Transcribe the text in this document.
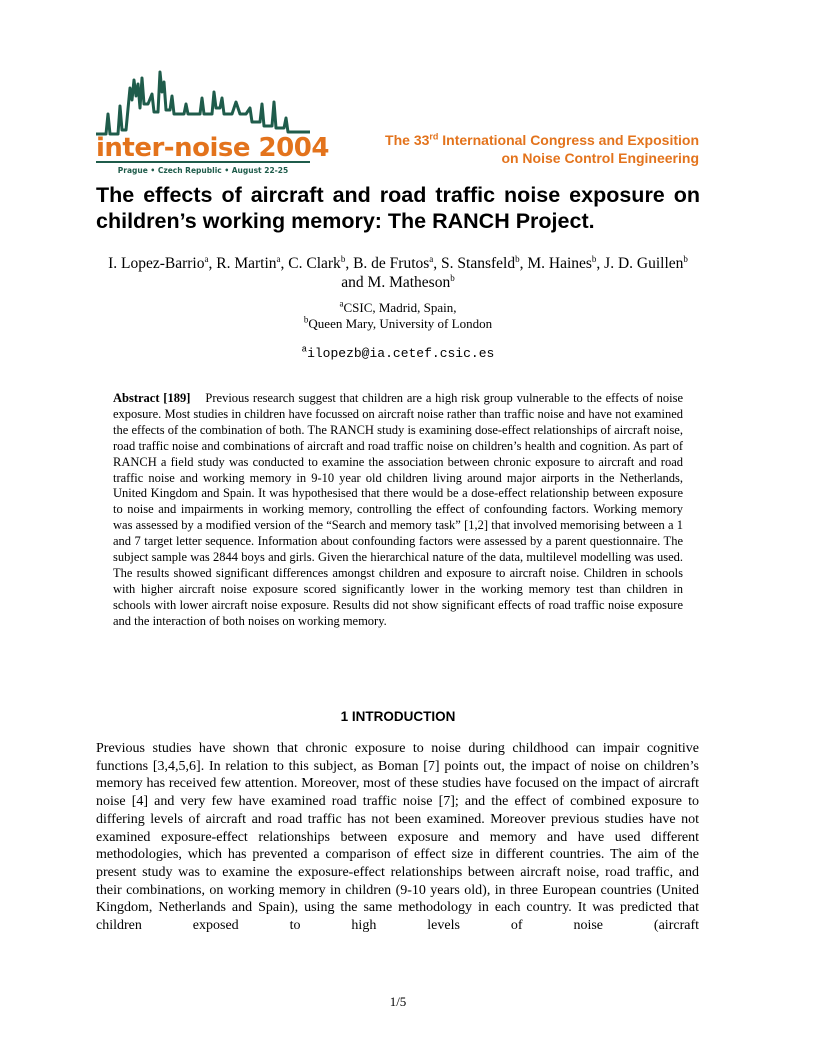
inter-noise 2004
Prague • Czech Republic • August 22-25
The 33rd International Congress and Exposition
on Noise Control Engineering
The effects of aircraft and road traffic noise exposure on children’s working memory: The RANCH Project.
I. Lopez-Barrio$^a$, R. Martin$^a$, C. Clark$^b$, B. de Frutos$^a$, S. Stansfeld$^b$, M. Haines$^b$, J. D. Guillen$^b$ and M. Matheson$^b$
$^a$CSIC, Madrid, Spain,
$^b$Queen Mary, University of London
$^a$ilopezb@ia.cetef.csic.es
Abstract [189] Previous research suggest that children are a high risk group vulnerable to the effects of noise exposure. Most studies in children have focussed on aircraft noise rather than traffic noise and have not examined the effects of the combination of both. The RANCH study is examining dose-effect relationships of aircraft noise, road traffic noise and combinations of aircraft and road traffic noise on children’s health and cognition. As part of RANCH a field study was conducted to examine the association between chronic exposure to aircraft and road traffic noise and working memory in 9-10 year old children living around major airports in the Netherlands, United Kingdom and Spain. It was hypothesised that there would be a dose-effect relationship between exposure to noise and impairments in working memory, controlling the effect of confounding factors. Working memory was assessed by a modified version of the “Search and memory task” [1,2] that involved memorising between a 1 and 7 target letter sequence. Information about confounding factors were assessed by a parent questionnaire. The subject sample was 2844 boys and girls. Given the hierarchical nature of the data, multilevel modelling was used. The results showed significant differences amongst children and exposure to aircraft noise. Children in schools with higher aircraft noise exposure scored significantly lower in the working memory test than children in schools with lower aircraft noise exposure. Results did not show significant effects of road traffic noise exposure and the interaction of both noises on working memory.
1 INTRODUCTION
Previous studies have shown that chronic exposure to noise during childhood can impair cognitive functions [3,4,5,6]. In relation to this subject, as Boman [7] points out, the impact of noise on children’s memory has received few attention. Moreover, most of these studies have focused on the impact of aircraft noise [4] and very few have examined road traffic noise [7]; and the effect of combined exposure to differing levels of aircraft and road traffic has not been examined. Moreover previous studies have not examined exposure-effect relationships between exposure and memory and have used different methodologies, which has prevented a comparison of effect size in different countries. The aim of the present study was to examine the exposure-effect relationships between aircraft noise, road traffic, and their combinations, on working memory in children (9-10 years old), in three European countries (United Kingdom, Netherlands and Spain), using the same methodology in each country. It was predicted that children exposed to high levels of noise (aircraft
1/5
